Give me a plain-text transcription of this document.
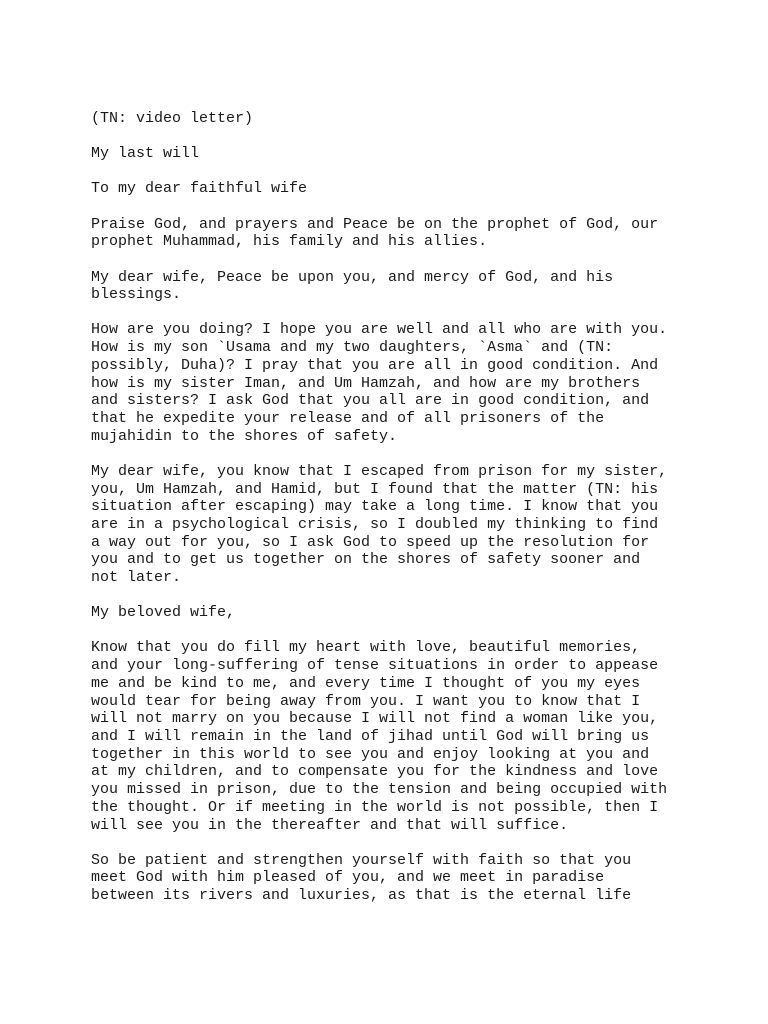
(TN: video letter)

My last will

To my dear faithful wife

Praise God, and prayers and Peace be on the prophet of God, our
prophet Muhammad, his family and his allies.

My dear wife, Peace be upon you, and mercy of God, and his
blessings.

How are you doing? I hope you are well and all who are with you.
How is my son `Usama and my two daughters, `Asma` and (TN:
possibly, Duha)? I pray that you are all in good condition. And
how is my sister Iman, and Um Hamzah, and how are my brothers
and sisters? I ask God that you all are in good condition, and
that he expedite your release and of all prisoners of the
mujahidin to the shores of safety.

My dear wife, you know that I escaped from prison for my sister,
you, Um Hamzah, and Hamid, but I found that the matter (TN: his
situation after escaping) may take a long time. I know that you
are in a psychological crisis, so I doubled my thinking to find
a way out for you, so I ask God to speed up the resolution for
you and to get us together on the shores of safety sooner and
not later.

My beloved wife,

Know that you do fill my heart with love, beautiful memories,
and your long-suffering of tense situations in order to appease
me and be kind to me, and every time I thought of you my eyes
would tear for being away from you. I want you to know that I
will not marry on you because I will not find a woman like you,
and I will remain in the land of jihad until God will bring us
together in this world to see you and enjoy looking at you and
at my children, and to compensate you for the kindness and love
you missed in prison, due to the tension and being occupied with
the thought. Or if meeting in the world is not possible, then I
will see you in the thereafter and that will suffice.

So be patient and strengthen yourself with faith so that you
meet God with him pleased of you, and we meet in paradise
between its rivers and luxuries, as that is the eternal life
